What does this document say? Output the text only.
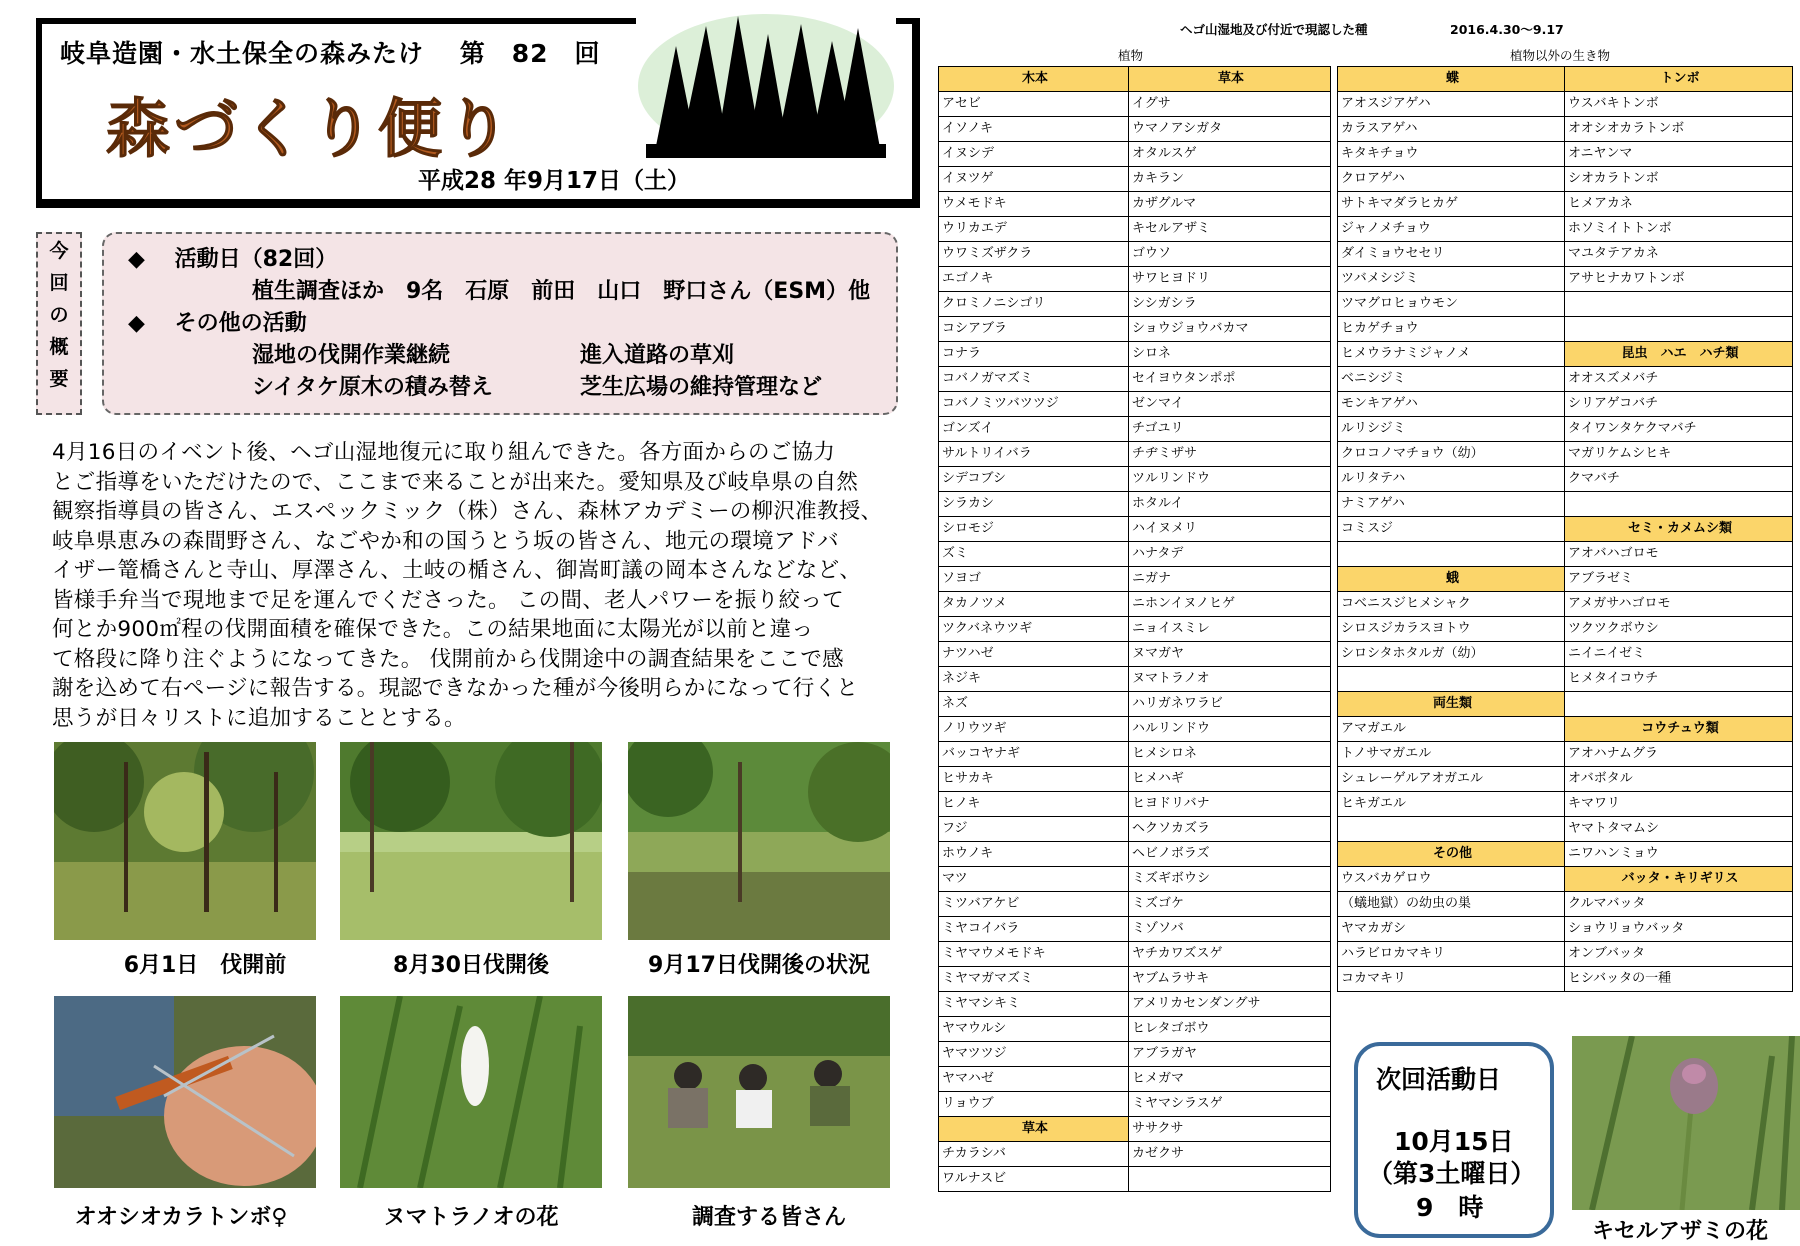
岐阜造園・水土保全の森みたけ　 第　82　回
森づくり便り
平成28 年9月17日（土）
今
回
の
概
要
◆　 活動日（82回）
植生調査ほか　9名　石原　前田　山口　野口さん（ESM）他
◆　 その他の活動
湿地の伐開作業継続	進入道路の草刈
シイタケ原木の積み替え	芝生広場の維持管理など
4月16日のイベント後、ヘゴ山湿地復元に取り組んできた。各方面からのご協力
とご指導をいただけたので、ここまで来ることが出来た。愛知県及び岐阜県の自然
観察指導員の皆さん、エスペックミック（株）さん、森林アカデミーの柳沢准教授、
岐阜県恵みの森間野さん、なごやか和の国うとう坂の皆さん、地元の環境アドバ
イザー篭橋さんと寺山、厚澤さん、土岐の楯さん、御嵩町議の岡本さんなどなど、
皆様手弁当で現地まで足を運んでくださった。 この間、老人パワーを振り絞って
何とか900㎡程の伐開面積を確保できた。この結果地面に太陽光が以前と違っ
て格段に降り注ぐようになってきた。 伐開前から伐開途中の調査結果をここで感
謝を込めて右ページに報告する。現認できなかった種が今後明らかになって行くと
思うが日々リストに追加することとする。
6月1日　伐開前	8月30日伐開後	9月17日伐開後の状況
オオシオカラトンボ♀	ヌマトラノオの花	調査する皆さん
ヘゴ山湿地及び付近で現認した種	2016.4.30～9.17
植物	植物以外の生き物
木本	草本
アセビ	イグサ
イソノキ	ウマノアシガタ
イヌシデ	オタルスゲ
イヌツゲ	カキラン
ウメモドキ	カザグルマ
ウリカエデ	キセルアザミ
ウワミズザクラ	ゴウソ
エゴノキ	サワヒヨドリ
クロミノニシゴリ	シシガシラ
コシアブラ	ショウジョウバカマ
コナラ	シロネ
コバノガマズミ	セイヨウタンポポ
コバノミツバツツジ	ゼンマイ
ゴンズイ	チゴユリ
サルトリイバラ	チヂミザサ
シデコブシ	ツルリンドウ
シラカシ	ホタルイ
シロモジ	ハイヌメリ
ズミ	ハナタデ
ソヨゴ	ニガナ
タカノツメ	ニホンイヌノヒゲ
ツクバネウツギ	ニョイスミレ
ナツハゼ	ヌマガヤ
ネジキ	ヌマトラノオ
ネズ	ハリガネワラビ
ノリウツギ	ハルリンドウ
バッコヤナギ	ヒメシロネ
ヒサカキ	ヒメハギ
ヒノキ	ヒヨドリバナ
フジ	ヘクソカズラ
ホウノキ	ヘビノボラズ
マツ	ミズギボウシ
ミツバアケビ	ミズゴケ
ミヤコイバラ	ミゾソバ
ミヤマウメモドキ	ヤチカワズスゲ
ミヤマガマズミ	ヤブムラサキ
ミヤマシキミ	アメリカセンダングサ
ヤマウルシ	ヒレタゴボウ
ヤマツツジ	アブラガヤ
ヤマハゼ	ヒメガマ
リョウブ	ミヤマシラスゲ
草本	ササクサ
チカラシバ	カゼクサ
ワルナスビ	
蝶	トンボ
アオスジアゲハ	ウスバキトンボ
カラスアゲハ	オオシオカラトンボ
キタキチョウ	オニヤンマ
クロアゲハ	シオカラトンボ
サトキマダラヒカゲ	ヒメアカネ
ジャノメチョウ	ホソミイトトンボ
ダイミョウセセリ	マユタテアカネ
ツバメシジミ	アサヒナカワトンボ
ツマグロヒョウモン	
ヒカゲチョウ	
ヒメウラナミジャノメ	昆虫　ハエ　ハチ類
ベニシジミ	オオスズメバチ
モンキアゲハ	シリアゲコバチ
ルリシジミ	タイワンタケクマバチ
クロコノマチョウ（幼）	マガリケムシヒキ
ルリタテハ	クマバチ
ナミアゲハ	
コミスジ	セミ・カメムシ類
	アオバハゴロモ
蛾	アブラゼミ
コベニスジヒメシャク	アメガサハゴロモ
シロスジカラスヨトウ	ツクツクボウシ
シロシタホタルガ（幼）	ニイニイゼミ
	ヒメタイコウチ
両生類	
アマガエル	コウチュウ類
トノサマガエル	アオハナムグラ
シュレーゲルアオガエル	オバボタル
ヒキガエル	キマワリ
	ヤマトタマムシ
その他	ニワハンミョウ
ウスバカゲロウ	バッタ・キリギリス
（蟻地獄）の幼虫の巣	クルマバッタ
ヤマカガシ	ショウリョウバッタ
ハラビロカマキリ	オンブバッタ
コカマキリ	ヒシバッタの一種
次回活動日
10月15日
（第3土曜日）
9　時
キセルアザミの花
